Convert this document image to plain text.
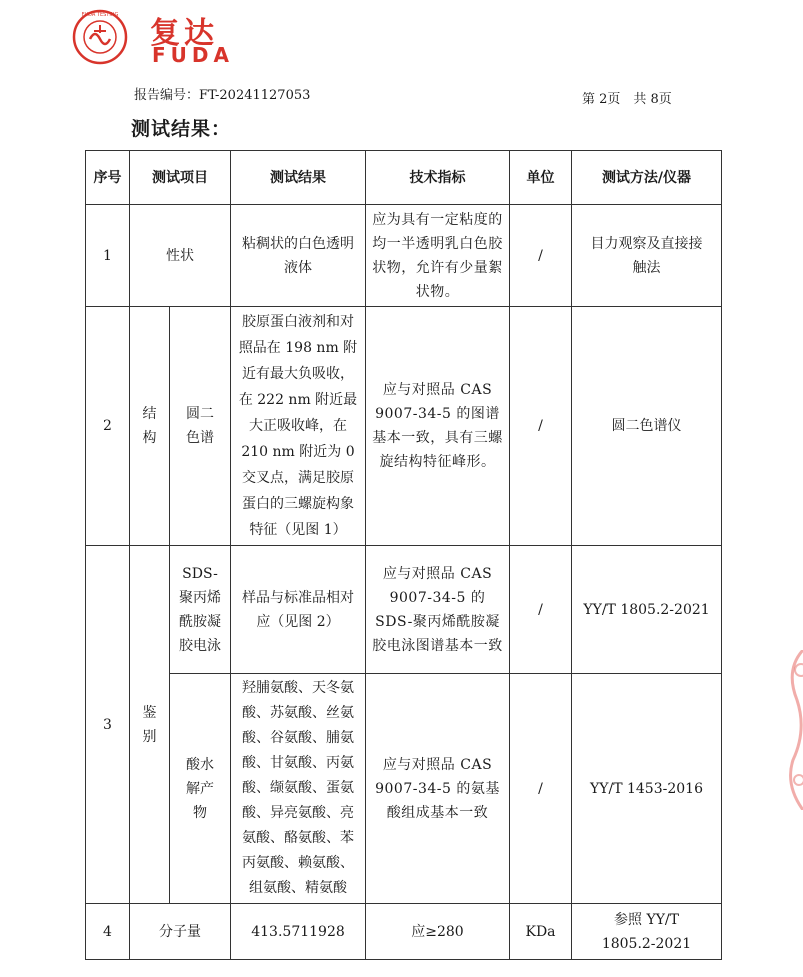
FUDA TESTING
复达
FUDA
报告编号：FT-20241127053	第 2页　共 8页
测试结果：
序号	测试项目		测试结果	技术指标	单位	测试方法/仪器
1	性状		粘稠状的白色透明液体	应为具有一定粘度的均一半透明乳白色胶状物，允许有少量絮状物。	/	目力观察及直接接触法
2	结构	圆二色谱	胶原蛋白液剂和对照品在 198 nm 附近有最大负吸收，在 222 nm 附近最大正吸收峰，在 210 nm 附近为 0 交叉点，满足胶原蛋白的三螺旋构象特征（见图 1）	应与对照品 CAS 9007-34-5 的图谱基本一致，具有三螺旋结构特征峰形。	/	圆二色谱仪
3	鉴别	SDS-聚丙烯酰胺凝胶电泳	样品与标准品相对应（见图 2）	应与对照品 CAS 9007-34-5 的 SDS-聚丙烯酰胺凝胶电泳图谱基本一致	/	YY/T 1805.2-2021
		酸水解产物	羟脯氨酸、天冬氨酸、苏氨酸、丝氨酸、谷氨酸、脯氨酸、甘氨酸、丙氨酸、缬氨酸、蛋氨酸、异亮氨酸、亮氨酸、酪氨酸、苯丙氨酸、赖氨酸、组氨酸、精氨酸	应与对照品 CAS 9007-34-5 的氨基酸组成基本一致	/	YY/T 1453-2016
4	分子量		413.5711928	应≥280	KDa	参照 YY/T 1805.2-2021
